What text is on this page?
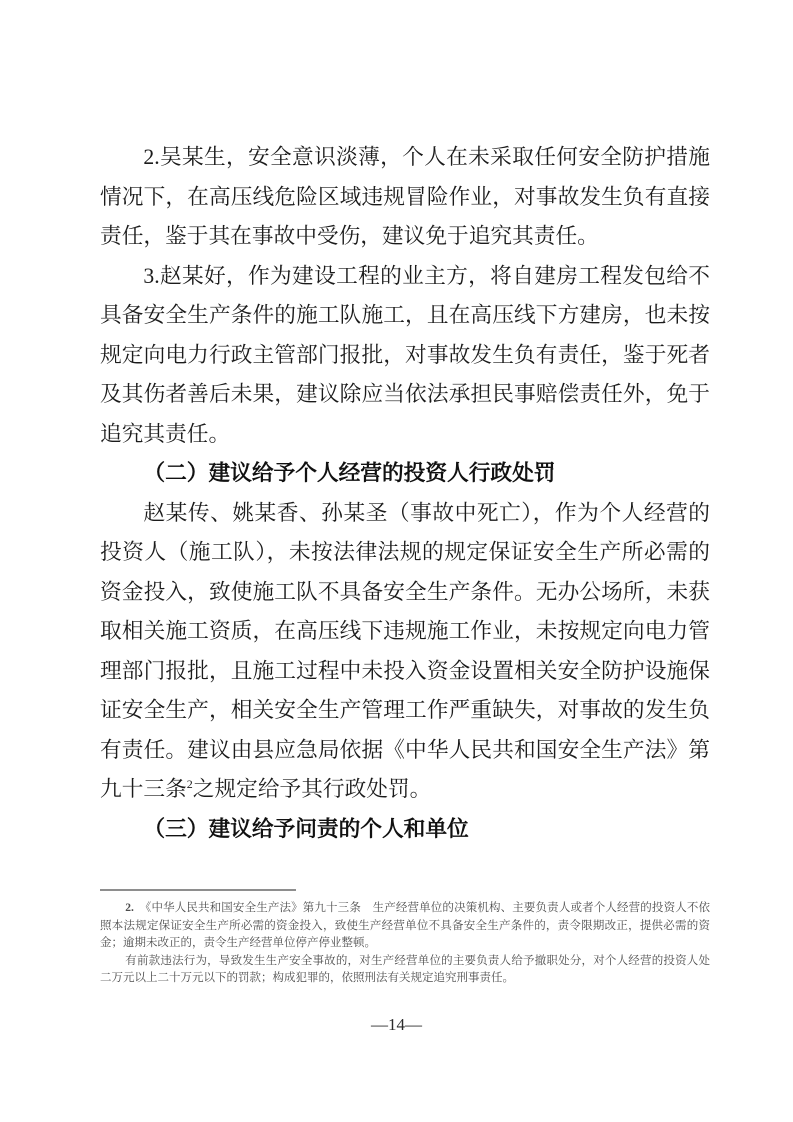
2.吴某生，安全意识淡薄，个人在未采取任何安全防护措施情况下，在高压线危险区域违规冒险作业，对事故发生负有直接责任，鉴于其在事故中受伤，建议免于追究其责任。

3.赵某好，作为建设工程的业主方，将自建房工程发包给不具备安全生产条件的施工队施工，且在高压线下方建房，也未按规定向电力行政主管部门报批，对事故发生负有责任，鉴于死者及其伤者善后未果，建议除应当依法承担民事赔偿责任外，免于追究其责任。

（二）建议给予个人经营的投资人行政处罚

赵某传、姚某香、孙某圣（事故中死亡），作为个人经营的投资人（施工队），未按法律法规的规定保证安全生产所必需的资金投入，致使施工队不具备安全生产条件。无办公场所，未获取相关施工资质，在高压线下违规施工作业，未按规定向电力管理部门报批，且施工过程中未投入资金设置相关安全防护设施保证安全生产，相关安全生产管理工作严重缺失，对事故的发生负有责任。建议由县应急局依据《中华人民共和国安全生产法》第九十三条$^2$之规定给予其行政处罚。

（三）建议给予问责的个人和单位

2. 《中华人民共和国安全生产法》第九十三条　生产经营单位的决策机构、主要负责人或者个人经营的投资人不依照本法规定保证安全生产所必需的资金投入，致使生产经营单位不具备安全生产条件的，责令限期改正，提供必需的资金；逾期未改正的，责令生产经营单位停产停业整顿。

有前款违法行为，导致发生生产安全事故的，对生产经营单位的主要负责人给予撤职处分，对个人经营的投资人处二万元以上二十万元以下的罚款；构成犯罪的，依照刑法有关规定追究刑事责任。

—14—
